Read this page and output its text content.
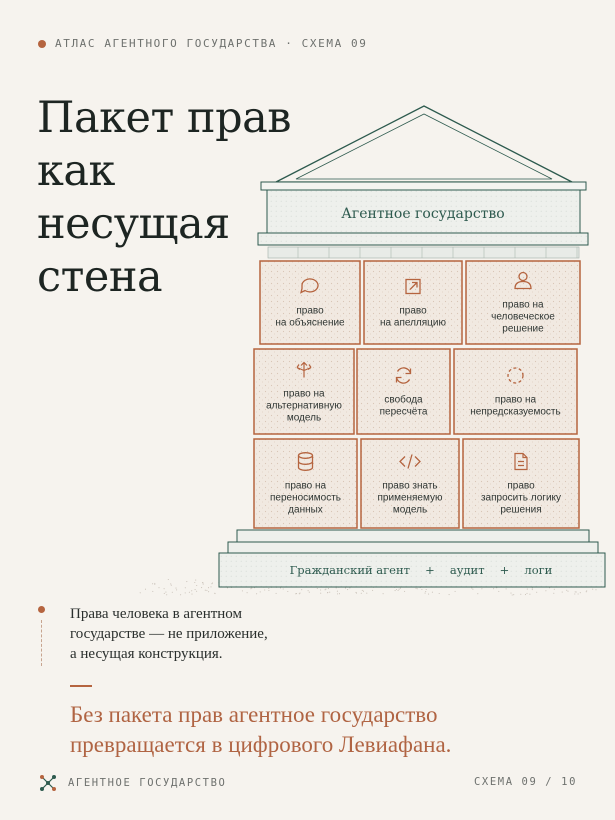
АТЛАС АГЕНТНОГО ГОСУДАРСТВА · СХЕМА 09
Пакет прав
как
несущая
стена
Агентное государство
право
на объяснение
право
на апелляцию
право на
человеческое
решение
право на
альтернативную
модель
свобода
пересчёта
право на
непредсказуемость
право на
переносимость
данных
право знать
применяемую
модель
право
запросить логику
решения
Гражданский агент + аудит + логи
Права человека в агентном
государстве — не приложение,
а несущая конструкция.
Без пакета прав агентное государство
превращается в цифрового Левиафана.
АГЕНТНОЕ ГОСУДАРСТВО	СХЕМА 09 / 10
